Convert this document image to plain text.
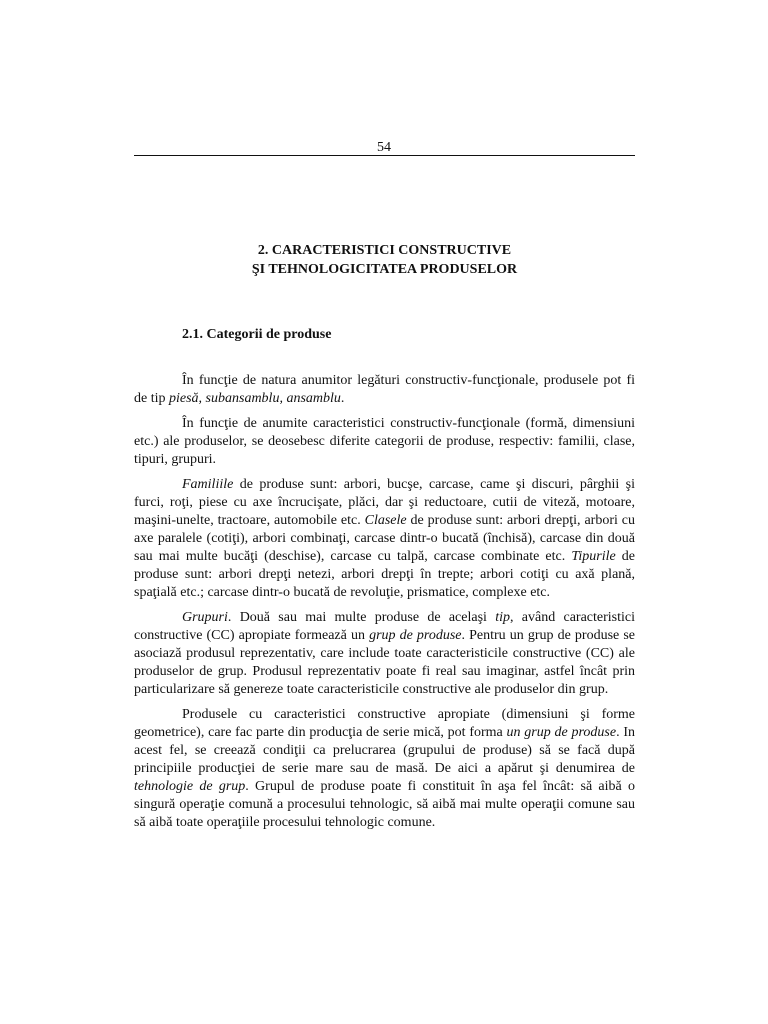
54
2. CARACTERISTICI CONSTRUCTIVE
ŞI TEHNOLOGICITATEA PRODUSELOR
2.1. Categorii de produse

În funcţie de natura anumitor legături constructiv-funcţionale, produsele pot fi de tip piesă, subansamblu, ansamblu.

În funcţie de anumite caracteristici constructiv-funcţionale (formă, dimensiuni etc.) ale produselor, se deosebesc diferite categorii de produse, respectiv: familii, clase, tipuri, grupuri.

Familiile de produse sunt: arbori, bucşe, carcase, came şi discuri, pârghii şi furci, roţi, piese cu axe încrucişate, plăci, dar şi reductoare, cutii de viteză, motoare, maşini-unelte, tractoare, automobile etc. Clasele de produse sunt: arbori drepţi, arbori cu axe paralele (cotiţi), arbori combinaţi, carcase dintr-o bucată (închisă), carcase din două sau mai multe bucăţi (deschise), carcase cu talpă, carcase combinate etc. Tipurile de produse sunt: arbori drepţi netezi, arbori drepţi în trepte; arbori cotiţi cu axă plană, spaţială etc.; carcase dintr-o bucată de revoluţie, prismatice, complexe etc.

Grupuri. Două sau mai multe produse de acelaşi tip, având caracteristici constructive (CC) apropiate formează un grup de produse. Pentru un grup de produse se asociază produsul reprezentativ, care include toate caracteristicile constructive (CC) ale produselor de grup. Produsul reprezentativ poate fi real sau imaginar, astfel încât prin particularizare să genereze toate caracteristicile constructive ale produselor din grup.

Produsele cu caracteristici constructive apropiate (dimensiuni şi forme geometrice), care fac parte din producţia de serie mică, pot forma un grup de produse. In acest fel, se creează condiţii ca prelucrarea (grupului de produse) să se facă după principiile producţiei de serie mare sau de masă. De aici a apărut şi denumirea de tehnologie de grup. Grupul de produse poate fi constituit în aşa fel încât: să aibă o singură operaţie comună a procesului tehnologic, să aibă mai multe operaţii comune sau să aibă toate operaţiile procesului tehnologic comune.
